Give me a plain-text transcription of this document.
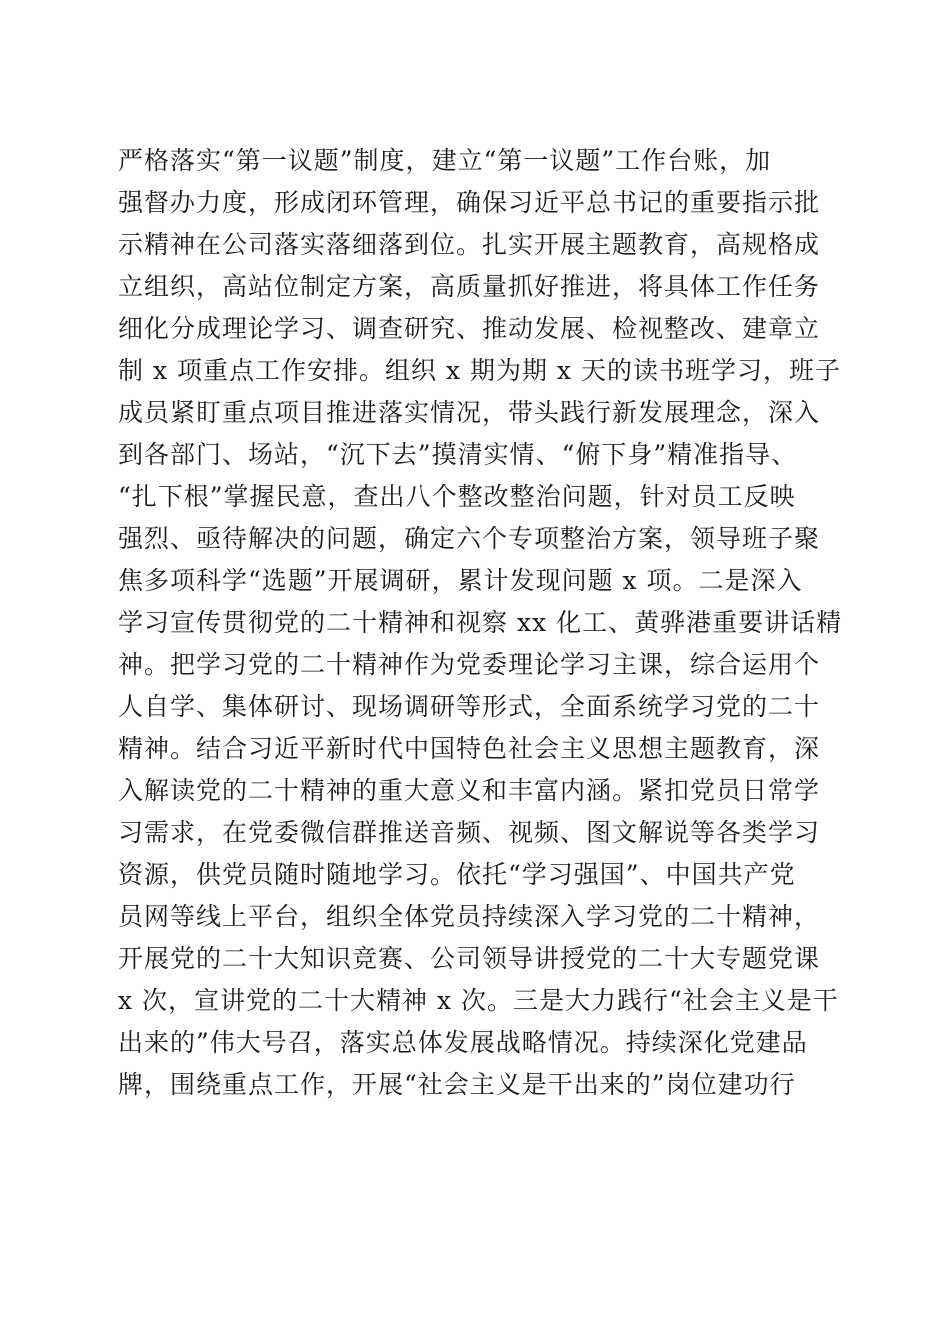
严格落实“第一议题”制度，建立“第一议题”工作台账，加
强督办力度，形成闭环管理，确保习近平总书记的重要指示批
示精神在公司落实落细落到位。扎实开展主题教育，高规格成
立组织，高站位制定方案，高质量抓好推进，将具体工作任务
细化分成理论学习、调查研究、推动发展、检视整改、建章立
制 x 项重点工作安排。组织 x 期为期 x 天的读书班学习，班子
成员紧盯重点项目推进落实情况，带头践行新发展理念，深入
到各部门、场站，“沉下去”摸清实情、“俯下身”精准指导、
“扎下根”掌握民意，查出八个整改整治问题，针对员工反映
强烈、亟待解决的问题，确定六个专项整治方案，领导班子聚
焦多项科学“选题”开展调研，累计发现问题 x 项。二是深入
学习宣传贯彻党的二十精神和视察 xx 化工、黄骅港重要讲话精
神。把学习党的二十精神作为党委理论学习主课，综合运用个
人自学、集体研讨、现场调研等形式，全面系统学习党的二十
精神。结合习近平新时代中国特色社会主义思想主题教育，深
入解读党的二十精神的重大意义和丰富内涵。紧扣党员日常学
习需求，在党委微信群推送音频、视频、图文解说等各类学习
资源，供党员随时随地学习。依托“学习强国”、中国共产党
员网等线上平台，组织全体党员持续深入学习党的二十精神，
开展党的二十大知识竞赛、公司领导讲授党的二十大专题党课
x 次，宣讲党的二十大精神 x 次。三是大力践行“社会主义是干
出来的”伟大号召，落实总体发展战略情况。持续深化党建品
牌，围绕重点工作，开展“社会主义是干出来的”岗位建功行
